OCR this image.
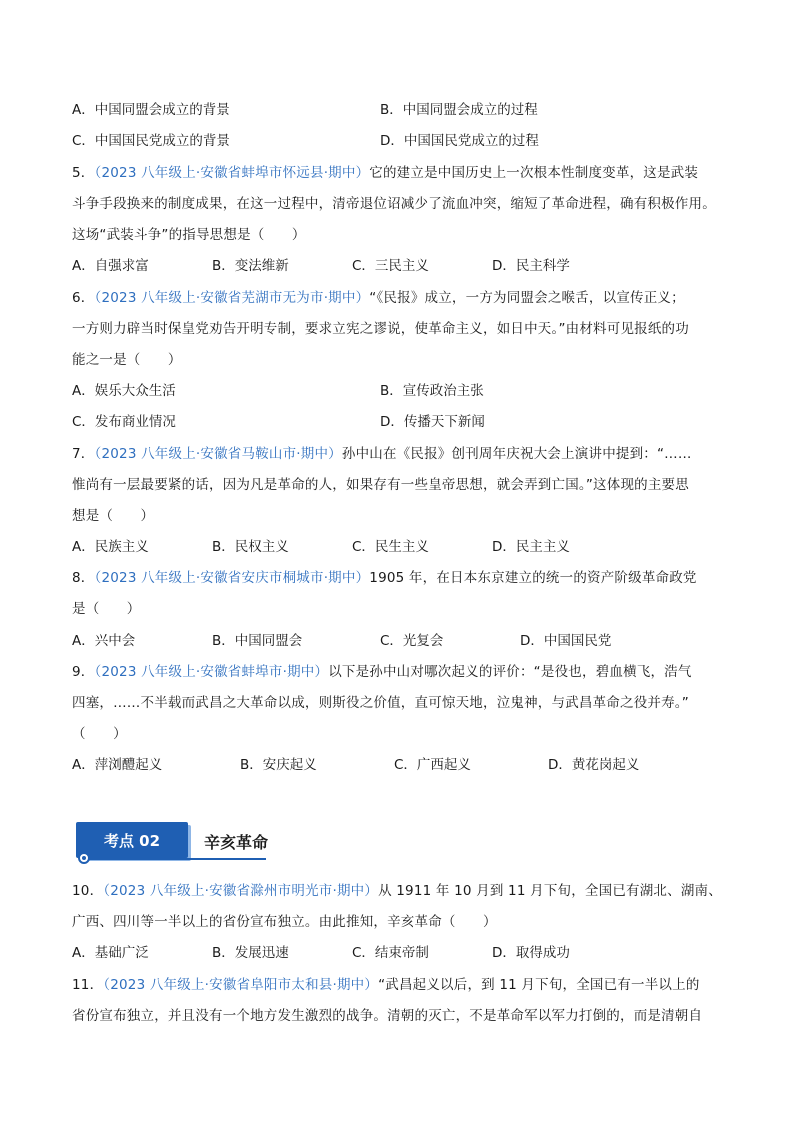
A．中国同盟会成立的背景	B．中国同盟会成立的过程
C．中国国民党成立的背景	D．中国国民党成立的过程
5．（2023 八年级上·安徽省蚌埠市怀远县·期中）它的建立是中国历史上一次根本性制度变革，这是武装
斗争手段换来的制度成果，在这一过程中，清帝退位诏减少了流血冲突，缩短了革命进程，确有积极作用。
这场“武装斗争”的指导思想是（　　）
A．自强求富	B．变法维新	C．三民主义	D．民主科学
6．（2023 八年级上·安徽省芜湖市无为市·期中）“《民报》成立，一方为同盟会之喉舌，以宣传正义；
一方则力辟当时保皇党劝告开明专制，要求立宪之谬说，使革命主义，如日中天。”由材料可见报纸的功
能之一是（　　）
A．娱乐大众生活	B．宣传政治主张
C．发布商业情况	D．传播天下新闻
7．（2023 八年级上·安徽省马鞍山市·期中）孙中山在《民报》创刊周年庆祝大会上演讲中提到：“……
惟尚有一层最要紧的话，因为凡是革命的人，如果存有一些皇帝思想，就会弄到亡国。”这体现的主要思
想是（　　）
A．民族主义	B．民权主义	C．民生主义	D．民主主义
8．（2023 八年级上·安徽省安庆市桐城市·期中）1905 年，在日本东京建立的统一的资产阶级革命政党
是（　　）
A．兴中会	B．中国同盟会	C．光复会	D．中国国民党
9．（2023 八年级上·安徽省蚌埠市·期中）以下是孙中山对哪次起义的评价：“是役也，碧血横飞，浩气
四塞，……不半载而武昌之大革命以成，则斯役之价值，直可惊天地，泣鬼神，与武昌革命之役并寿。”
（　　）
A．萍浏醴起义	B．安庆起义	C．广西起义	D．黄花岗起义
考点 02	辛亥革命
10．（2023 八年级上·安徽省滁州市明光市·期中）从 1911 年 10 月到 11 月下旬，全国已有湖北、湖南、
广西、四川等一半以上的省份宣布独立。由此推知，辛亥革命（　　）
A．基础广泛	B．发展迅速	C．结束帝制	D．取得成功
11．（2023 八年级上·安徽省阜阳市太和县·期中）“武昌起义以后，到 11 月下旬，全国已有一半以上的
省份宣布独立，并且没有一个地方发生激烈的战争。清朝的灭亡，不是革命军以军力打倒的，而是清朝自
